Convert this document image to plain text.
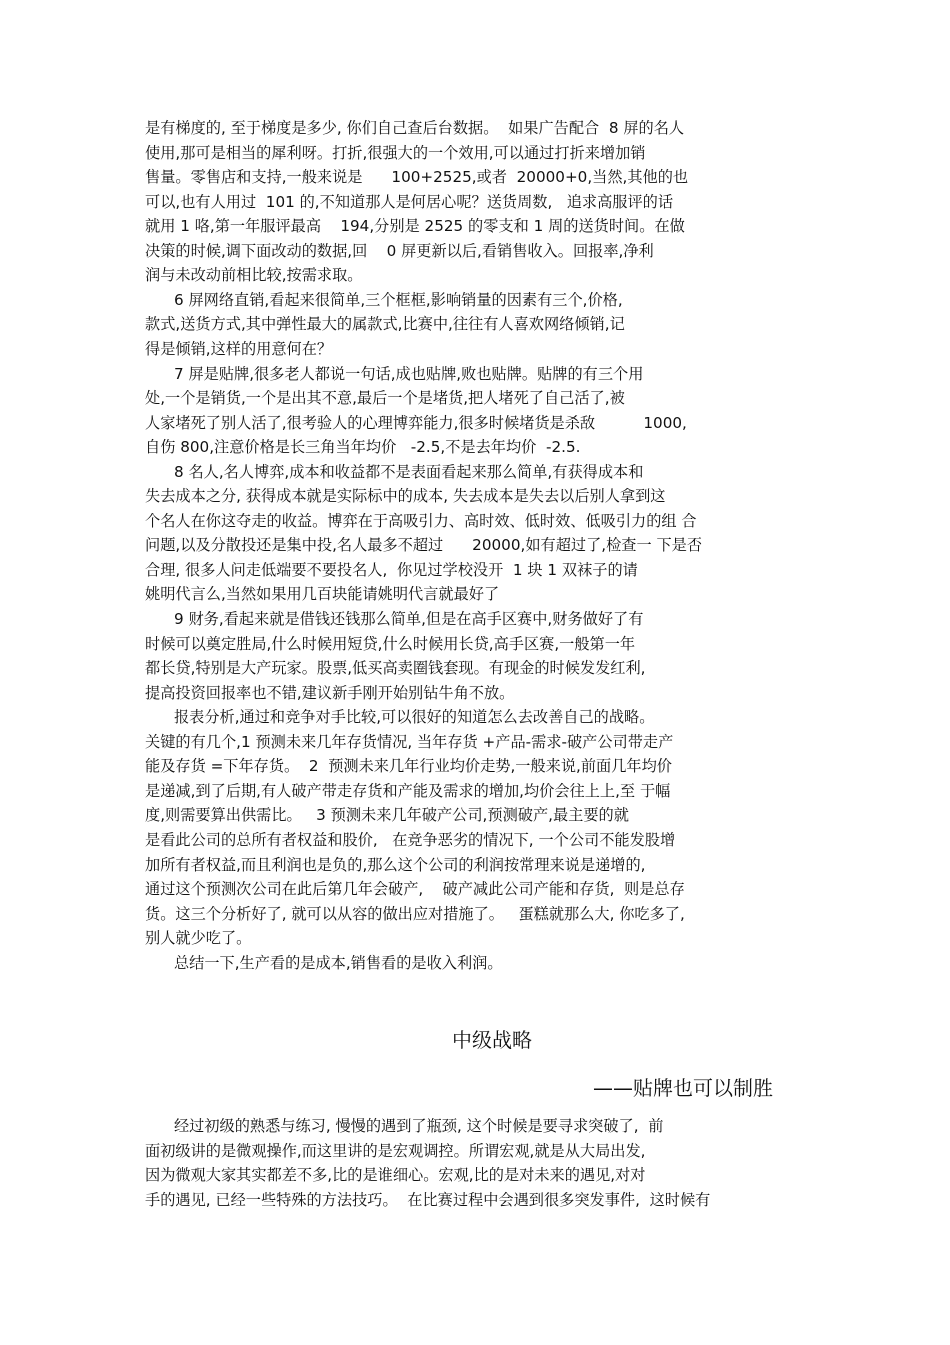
是有梯度的, 至于梯度是多少, 你们自己查后台数据。  如果广告配合  8 屏的名人
使用,那可是相当的犀利呀。打折,很强大的一个效用,可以通过打折来增加销
售量。零售店和支持,一般来说是      100+2525,或者  20000+0,当然,其他的也
可以,也有人用过  101 的,不知道那人是何居心呢？送货周数,   追求高服评的话
就用 1 咯,第一年服评最高    194,分别是 2525 的零支和 1 周的送货时间。在做
决策的时候,调下面改动的数据,回    0 屏更新以后,看销售收入。回报率,净利
润与未改动前相比较,按需求取。
6 屏网络直销,看起来很简单,三个框框,影响销量的因素有三个,价格,
款式,送货方式,其中弹性最大的属款式,比赛中,往往有人喜欢网络倾销,记
得是倾销,这样的用意何在？
7 屏是贴牌,很多老人都说一句话,成也贴牌,败也贴牌。贴牌的有三个用
处,一个是销货,一个是出其不意,最后一个是堵货,把人堵死了自己活了,被
人家堵死了别人活了,很考验人的心理博弈能力,很多时候堵货是杀敌          1000,
自伤 800,注意价格是长三角当年均价   -2.5,不是去年均价  -2.5.
8 名人,名人博弈,成本和收益都不是表面看起来那么简单,有获得成本和
失去成本之分, 获得成本就是实际标中的成本, 失去成本是失去以后别人拿到这
个名人在你这夺走的收益。博弈在于高吸引力、高时效、低时效、低吸引力的组 合
问题,以及分散投还是集中投,名人最多不超过      20000,如有超过了,检查一 下是否
合理, 很多人问走低端要不要投名人,  你见过学校没开  1 块 1 双袜子的请
姚明代言么,当然如果用几百块能请姚明代言就最好了
9 财务,看起来就是借钱还钱那么简单,但是在高手区赛中,财务做好了有
时候可以奠定胜局,什么时候用短贷,什么时候用长贷,高手区赛,一般第一年
都长贷,特别是大产玩家。股票,低买高卖圈钱套现。有现金的时候发发红利,
提高投资回报率也不错,建议新手刚开始别钻牛角不放。
报表分析,通过和竞争对手比较,可以很好的知道怎么去改善自己的战略。
关键的有几个,1 预测未来几年存货情况, 当年存货 +产品-需求-破产公司带走产
能及存货 =下年存货。  2  预测未来几年行业均价走势,一般来说,前面几年均价
是递减,到了后期,有人破产带走存货和产能及需求的增加,均价会往上上,至 于幅
度,则需要算出供需比。   3 预测未来几年破产公司,预测破产,最主要的就
是看此公司的总所有者权益和股价,   在竞争恶劣的情况下, 一个公司不能发股增
加所有者权益,而且利润也是负的,那么这个公司的利润按常理来说是递增的,
通过这个预测次公司在此后第几年会破产,    破产减此公司产能和存货,  则是总存
货。这三个分析好了, 就可以从容的做出应对措施了。   蛋糕就那么大, 你吃多了,
别人就少吃了。
总结一下,生产看的是成本,销售看的是收入利润。
中级战略
——贴牌也可以制胜
经过初级的熟悉与练习, 慢慢的遇到了瓶颈, 这个时候是要寻求突破了,  前
面初级讲的是微观操作,而这里讲的是宏观调控。所谓宏观,就是从大局出发,
因为微观大家其实都差不多,比的是谁细心。宏观,比的是对未来的遇见,对对
手的遇见, 已经一些特殊的方法技巧。  在比赛过程中会遇到很多突发事件,  这时候有
